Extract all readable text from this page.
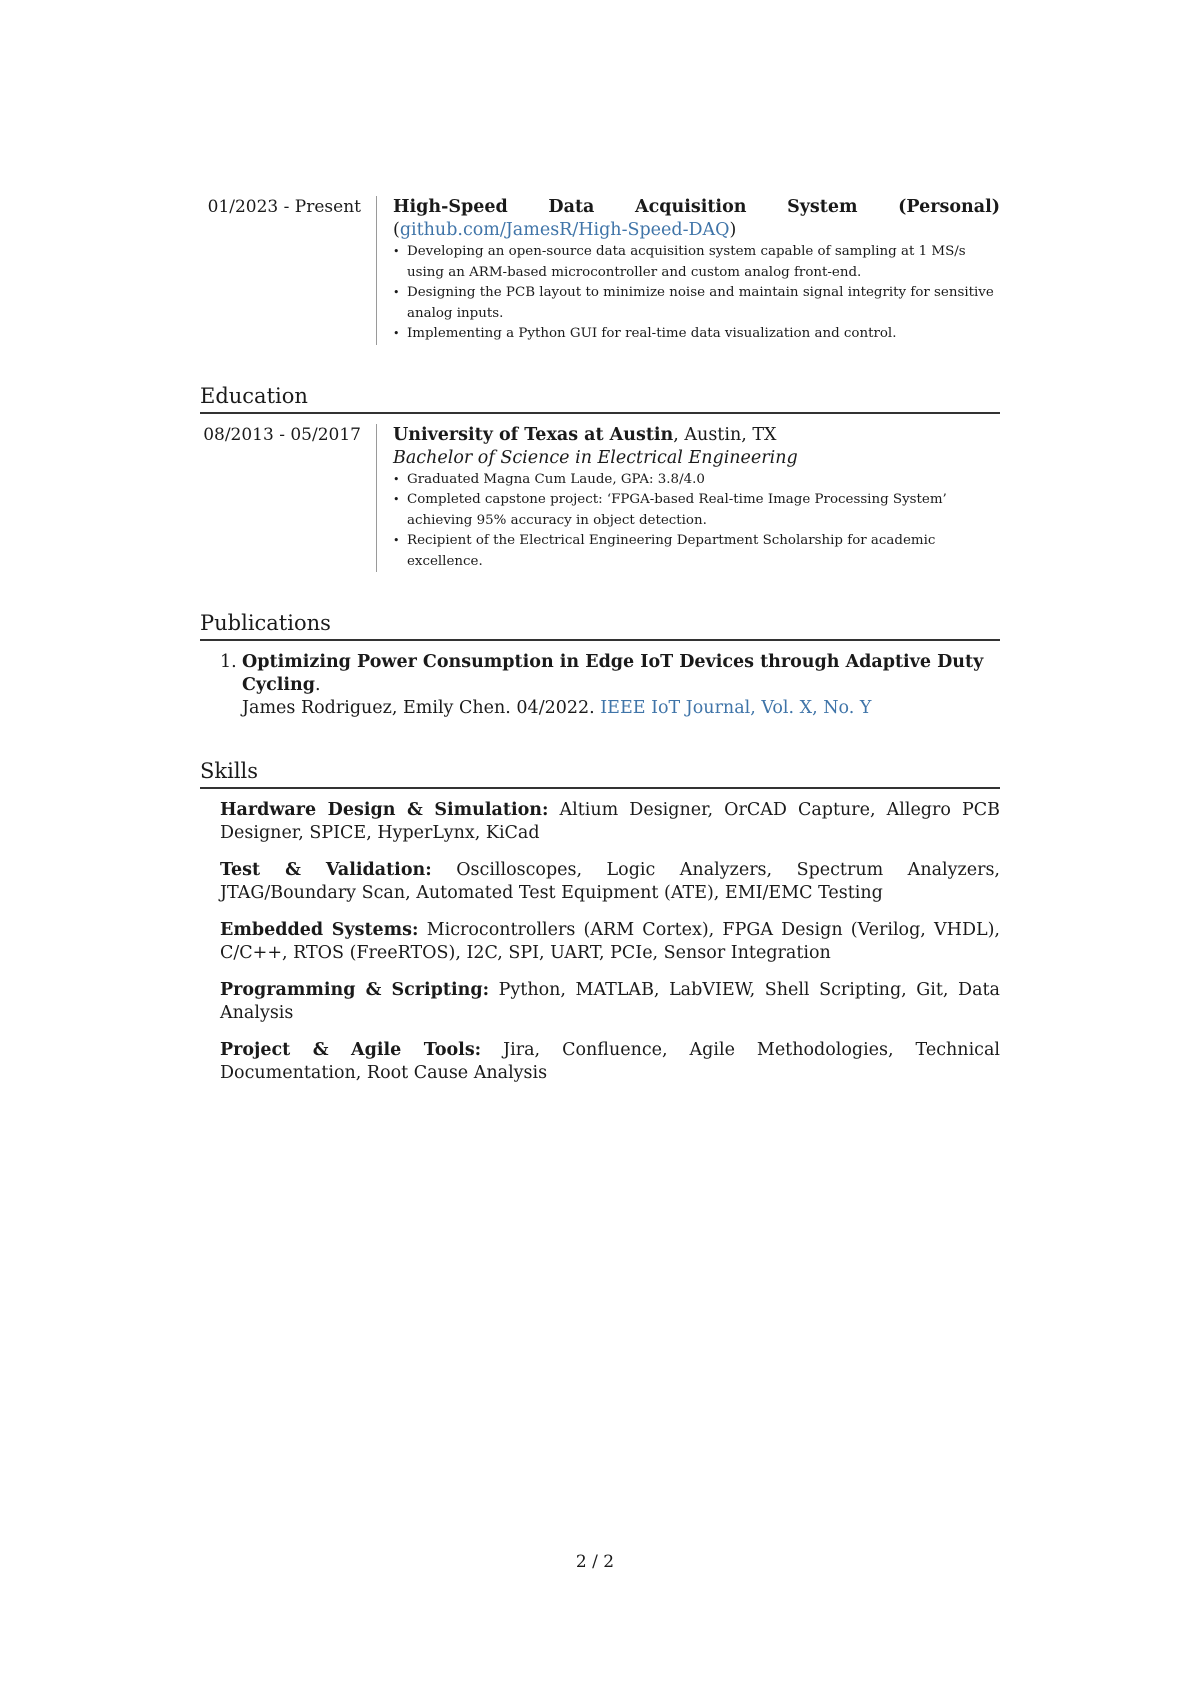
01/2023 - Present	High-Speed Data Acquisition System (Personal) (github.com/JamesR/High-Speed-DAQ)
• Developing an open-source data acquisition system capable of sampling at 1 MS/s using an ARM-based microcontroller and custom analog front-end.
• Designing the PCB layout to minimize noise and maintain signal integrity for sensitive analog inputs.
• Implementing a Python GUI for real-time data visualization and control.
Education
08/2013 - 05/2017	University of Texas at Austin, Austin, TX
Bachelor of Science in Electrical Engineering
• Graduated Magna Cum Laude, GPA: 3.8/4.0
• Completed capstone project: ‘FPGA-based Real-time Image Processing System’ achieving 95% accuracy in object detection.
• Recipient of the Electrical Engineering Department Scholarship for academic excellence.
Publications
1. Optimizing Power Consumption in Edge IoT Devices through Adaptive Duty Cycling.
James Rodriguez, Emily Chen. 04/2022. IEEE IoT Journal, Vol. X, No. Y
Skills
Hardware Design & Simulation: Altium Designer, OrCAD Capture, Allegro PCB Designer, SPICE, HyperLynx, KiCad
Test & Validation: Oscilloscopes, Logic Analyzers, Spectrum Analyzers, JTAG/Boundary Scan, Automated Test Equipment (ATE), EMI/EMC Testing
Embedded Systems: Microcontrollers (ARM Cortex), FPGA Design (Verilog, VHDL), C/C++, RTOS (FreeRTOS), I2C, SPI, UART, PCIe, Sensor Integration
Programming & Scripting: Python, MATLAB, LabVIEW, Shell Scripting, Git, Data Analysis
Project & Agile Tools: Jira, Confluence, Agile Methodologies, Technical Documentation, Root Cause Analysis
2 / 2
